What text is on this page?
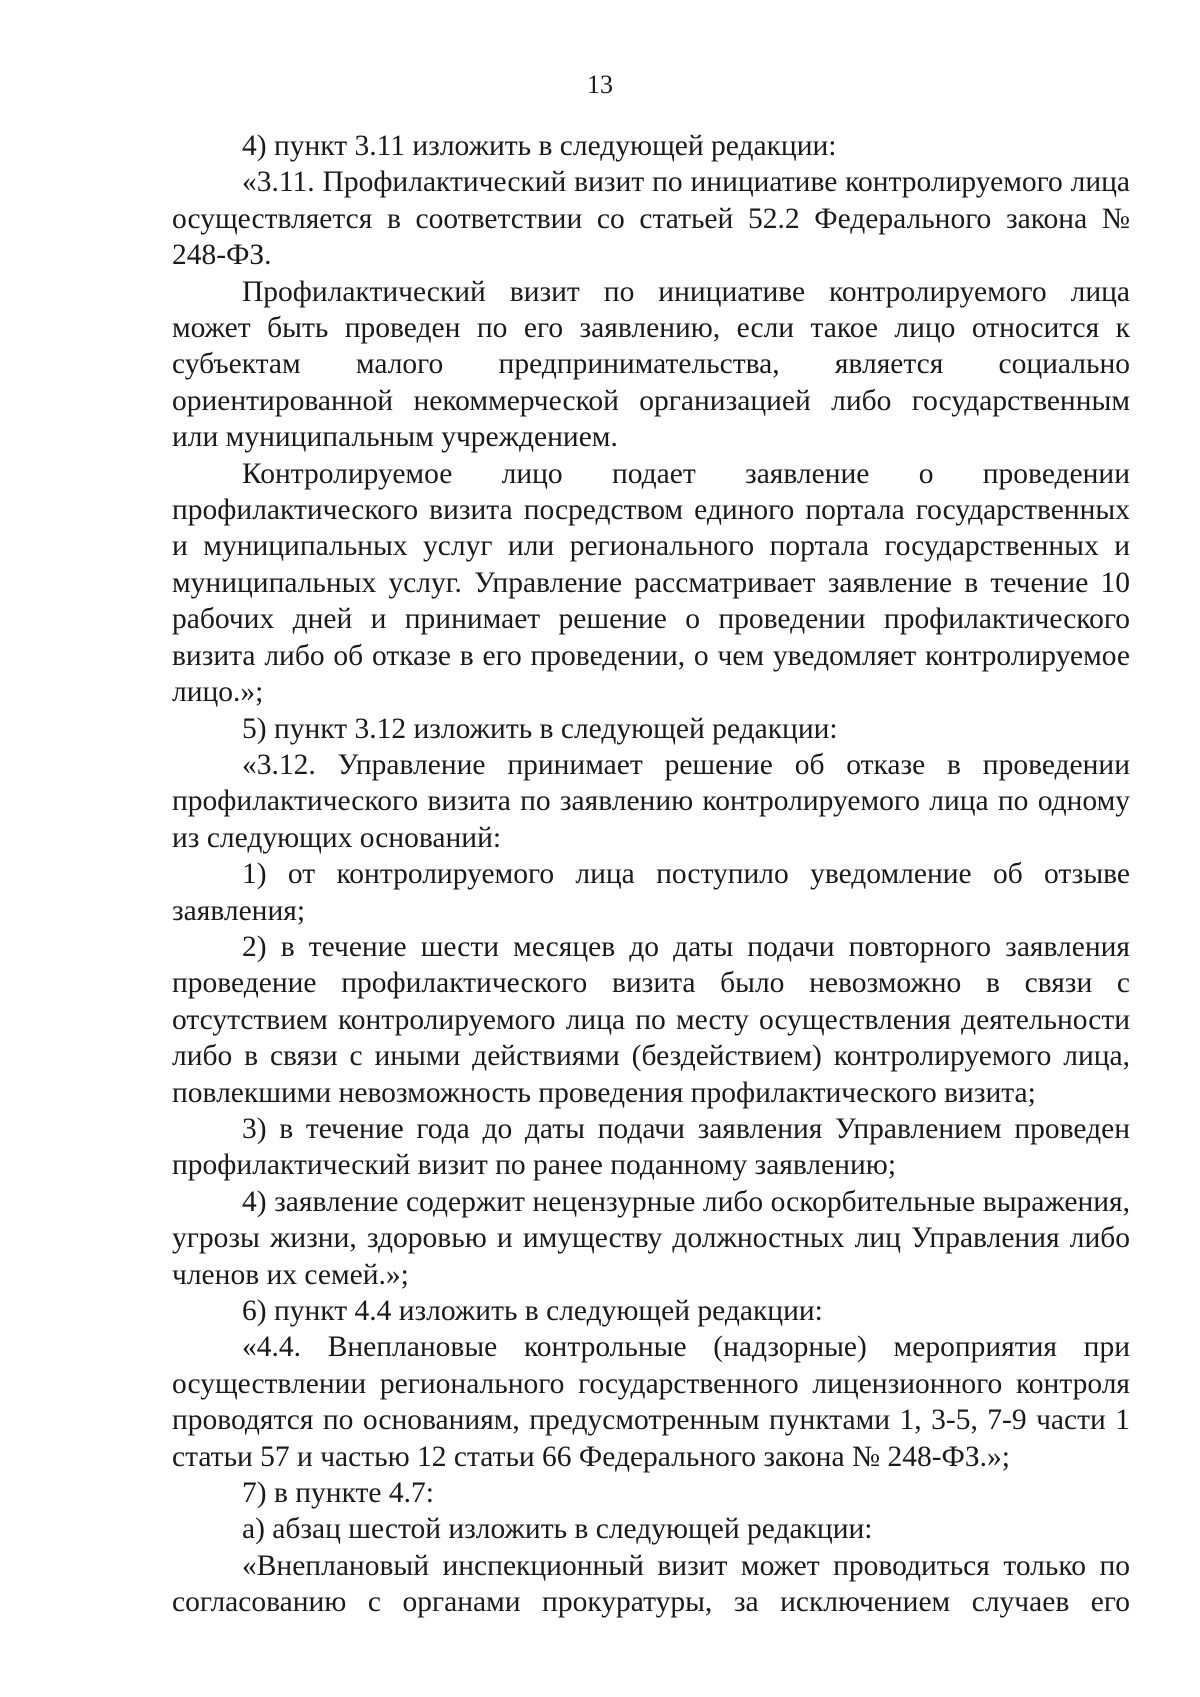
13

4) пункт 3.11 изложить в следующей редакции:

«3.11. Профилактический визит по инициативе контролируемого лица осуществляется в соответствии со статьей 52.2 Федерального закона № 248-ФЗ.

Профилактический визит по инициативе контролируемого лица может быть проведен по его заявлению, если такое лицо относится к субъектам малого предпринимательства, является социально ориентированной некоммерческой организацией либо государственным или муниципальным учреждением.

Контролируемое лицо подает заявление о проведении профилактического визита посредством единого портала государственных и муниципальных услуг или регионального портала государственных и муниципальных услуг. Управление рассматривает заявление в течение 10 рабочих дней и принимает решение о проведении профилактического визита либо об отказе в его проведении, о чем уведомляет контролируемое лицо.»;

5) пункт 3.12 изложить в следующей редакции:

«3.12. Управление принимает решение об отказе в проведении профилактического визита по заявлению контролируемого лица по одному из следующих оснований:

1) от контролируемого лица поступило уведомление об отзыве заявления;

2) в течение шести месяцев до даты подачи повторного заявления проведение профилактического визита было невозможно в связи с отсутствием контролируемого лица по месту осуществления деятельности либо в связи с иными действиями (бездействием) контролируемого лица, повлекшими невозможность проведения профилактического визита;

3) в течение года до даты подачи заявления Управлением проведен профилактический визит по ранее поданному заявлению;

4) заявление содержит нецензурные либо оскорбительные выражения, угрозы жизни, здоровью и имуществу должностных лиц Управления либо членов их семей.»;

6) пункт 4.4 изложить в следующей редакции:

«4.4. Внеплановые контрольные (надзорные) мероприятия при осуществлении регионального государственного лицензионного контроля проводятся по основаниям, предусмотренным пунктами 1, 3-5, 7-9 части 1 статьи 57 и частью 12 статьи 66 Федерального закона № 248-ФЗ.»;

7) в пункте 4.7:

а) абзац шестой изложить в следующей редакции:

«Внеплановый инспекционный визит может проводиться только по согласованию с органами прокуратуры, за исключением случаев его
